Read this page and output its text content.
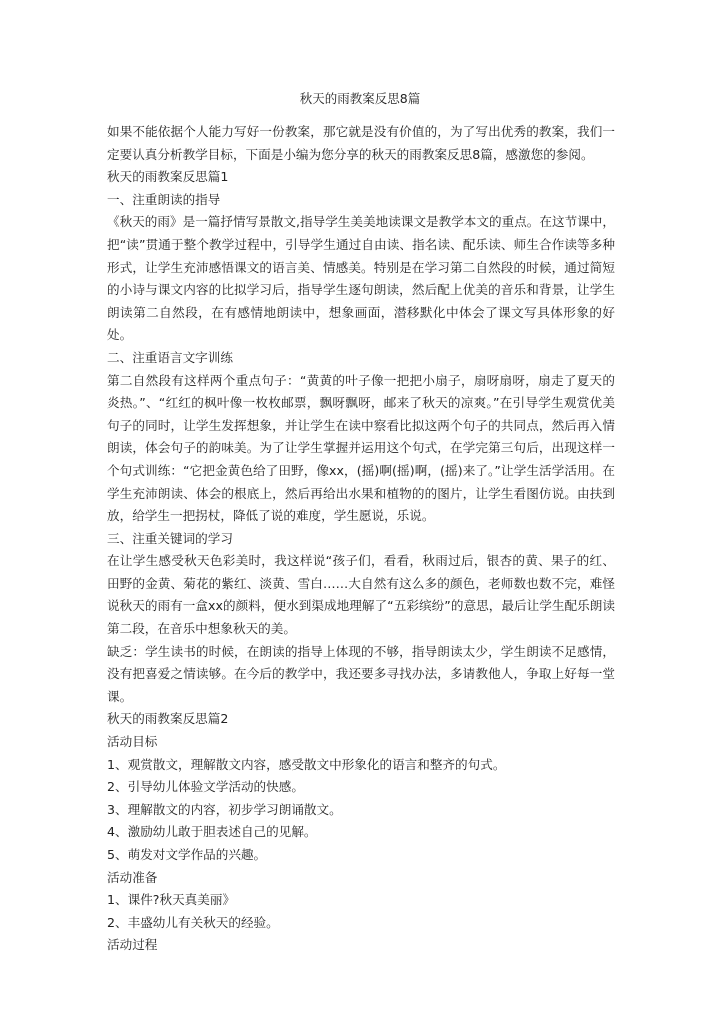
秋天的雨教案反思8篇

如果不能依据个人能力写好一份教案，那它就是没有价值的，为了写出优秀的教案，我们一定要认真分析教学目标，下面是小编为您分享的秋天的雨教案反思8篇，感激您的参阅。

秋天的雨教案反思篇1

一、注重朗读的指导

《秋天的雨》是一篇抒情写景散文,指导学生美美地读课文是教学本文的重点。在这节课中，把“读”贯通于整个教学过程中，引导学生通过自由读、指名读、配乐读、师生合作读等多种形式，让学生充沛感悟课文的语言美、情感美。特别是在学习第二自然段的时候，通过简短的小诗与课文内容的比拟学习后，指导学生逐句朗读，然后配上优美的音乐和背景，让学生朗读第二自然段，在有感情地朗读中，想象画面，潜移默化中体会了课文写具体形象的好处。

二、注重语言文字训练

第二自然段有这样两个重点句子：“黄黄的叶子像一把把小扇子，扇呀扇呀，扇走了夏天的炎热。”、“红红的枫叶像一枚枚邮票，飘呀飘呀，邮来了秋天的凉爽。”在引导学生观赏优美句子的同时，让学生发挥想象，并让学生在读中察看比拟这两个句子的共同点，然后再入情朗读，体会句子的韵味美。为了让学生掌握并运用这个句式，在学完第三句后，出现这样一个句式训练：“它把金黄色给了田野，像xx，(摇)啊(摇)啊，(摇)来了。”让学生活学活用。在学生充沛朗读、体会的根底上，然后再给出水果和植物的的图片，让学生看图仿说。由扶到放，给学生一把拐杖，降低了说的难度，学生愿说，乐说。

三、注重关键词的学习

在让学生感受秋天色彩美时，我这样说“孩子们，看看，秋雨过后，银杏的黄、果子的红、田野的金黄、菊花的紫红、淡黄、雪白……大自然有这么多的颜色，老师数也数不完，难怪说秋天的雨有一盒xx的颜料，便水到渠成地理解了“五彩缤纷”的意思，最后让学生配乐朗读第二段，在音乐中想象秋天的美。

缺乏：学生读书的时候，在朗读的指导上体现的不够，指导朗读太少，学生朗读不足感情，没有把喜爱之情读够。在今后的教学中，我还要多寻找办法，多请教他人，争取上好每一堂课。

秋天的雨教案反思篇2

活动目标

1、观赏散文，理解散文内容，感受散文中形象化的语言和整齐的句式。

2、引导幼儿体验文学活动的快感。

3、理解散文的内容，初步学习朗诵散文。

4、激励幼儿敢于胆表述自己的见解。

5、萌发对文学作品的兴趣。

活动准备

1、课件?秋天真美丽》

2、丰盛幼儿有关秋天的经验。

活动过程
